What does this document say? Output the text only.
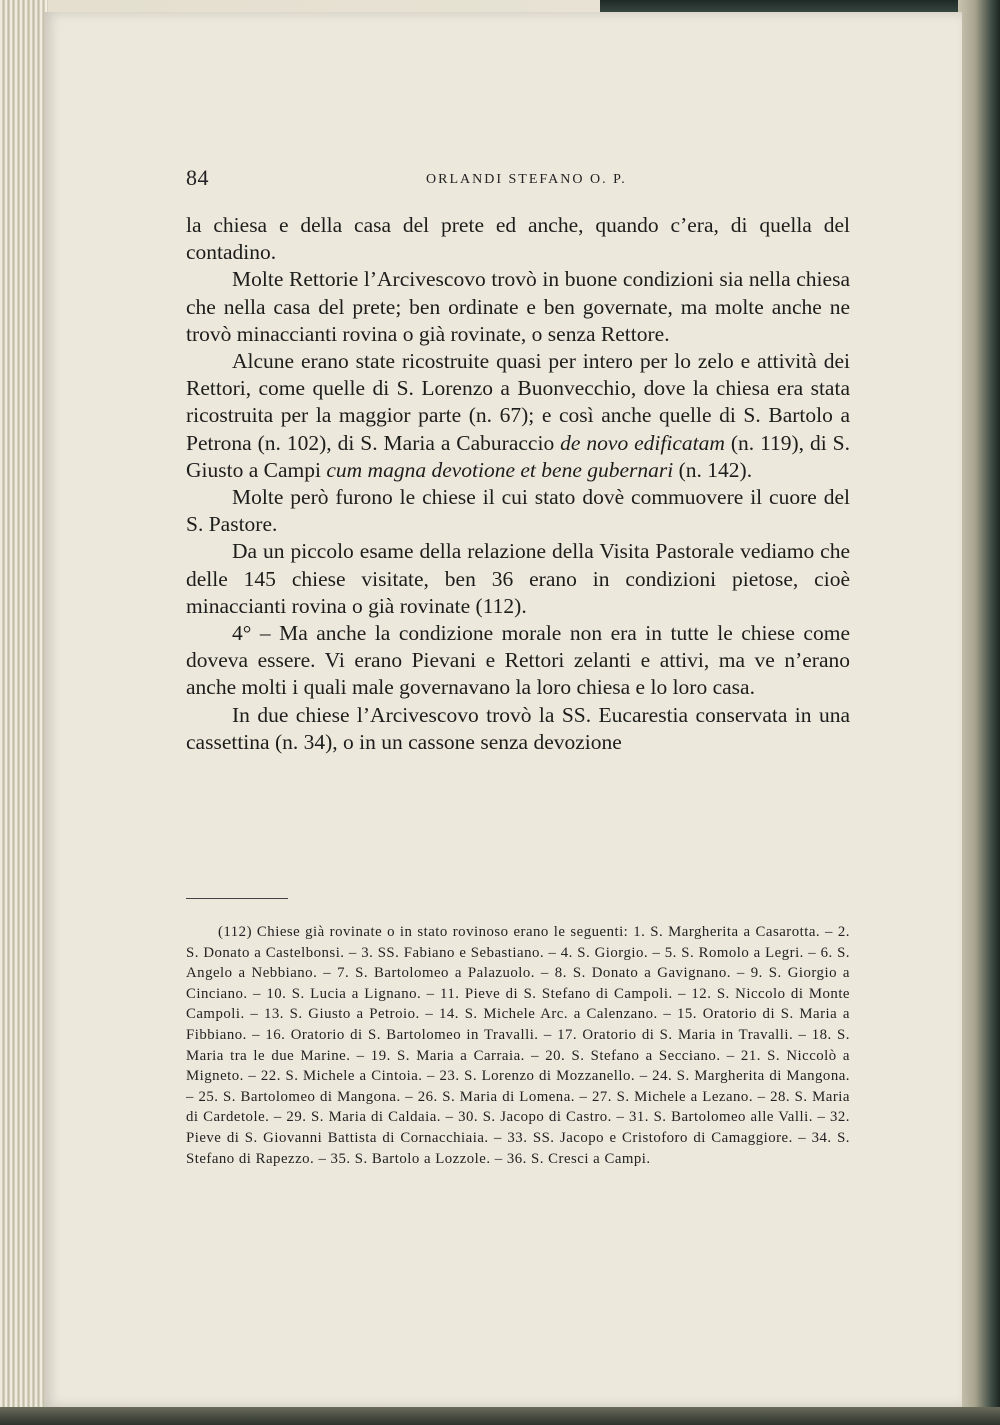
84	ORLANDI STEFANO O. P.

la chiesa e della casa del prete ed anche, quando c’era, di quella del contadino.

Molte Rettorie l’Arcivescovo trovò in buone condizioni sia nella chiesa che nella casa del prete; ben ordinate e ben governate, ma molte anche ne trovò minaccianti rovina o già rovinate, o senza Rettore.

Alcune erano state ricostruite quasi per intero per lo zelo e attività dei Rettori, come quelle di S. Lorenzo a Buonvecchio, dove la chiesa era stata ricostruita per la maggior parte (n. 67); e così anche quelle di S. Bartolo a Petrona (n. 102), di S. Maria a Caburaccio de novo edificatam (n. 119), di S. Giusto a Campi cum magna devotione et bene gubernari (n. 142).

Molte però furono le chiese il cui stato dovè commuovere il cuore del S. Pastore.

Da un piccolo esame della relazione della Visita Pastorale vediamo che delle 145 chiese visitate, ben 36 erano in condizioni pietose, cioè minaccianti rovina o già rovinate (112).

4° – Ma anche la condizione morale non era in tutte le chiese come doveva essere. Vi erano Pievani e Rettori zelanti e attivi, ma ve n’erano anche molti i quali male governavano la loro chiesa e lo loro casa.

In due chiese l’Arcivescovo trovò la SS. Eucarestia conservata in una cassettina (n. 34), o in un cassone senza devozione

(112) Chiese già rovinate o in stato rovinoso erano le seguenti: 1. S. Margherita a Casarotta. – 2. S. Donato a Castelbonsi. – 3. SS. Fabiano e Sebastiano. – 4. S. Giorgio. – 5. S. Romolo a Legri. – 6. S. Angelo a Nebbiano. – 7. S. Bartolomeo a Palazuolo. – 8. S. Donato a Gavignano. – 9. S. Giorgio a Cinciano. – 10. S. Lucia a Lignano. – 11. Pieve di S. Stefano di Campoli. – 12. S. Niccolo di Monte Campoli. – 13. S. Giusto a Petroio. – 14. S. Michele Arc. a Calenzano. – 15. Oratorio di S. Maria a Fibbiano. – 16. Oratorio di S. Bartolomeo in Travalli. – 17. Oratorio di S. Maria in Travalli. – 18. S. Maria tra le due Marine. – 19. S. Maria a Carraia. – 20. S. Stefano a Secciano. – 21. S. Niccolò a Migneto. – 22. S. Michele a Cintoia. – 23. S. Lorenzo di Mozzanello. – 24. S. Margherita di Mangona. – 25. S. Bartolomeo di Mangona. – 26. S. Maria di Lomena. – 27. S. Michele a Lezano. – 28. S. Maria di Cardetole. – 29. S. Maria di Caldaia. – 30. S. Jacopo di Castro. – 31. S. Bartolomeo alle Valli. – 32. Pieve di S. Giovanni Battista di Cornacchiaia. – 33. SS. Jacopo e Cristoforo di Camaggiore. – 34. S. Stefano di Rapezzo. – 35. S. Bartolo a Lozzole. – 36. S. Cresci a Campi.
